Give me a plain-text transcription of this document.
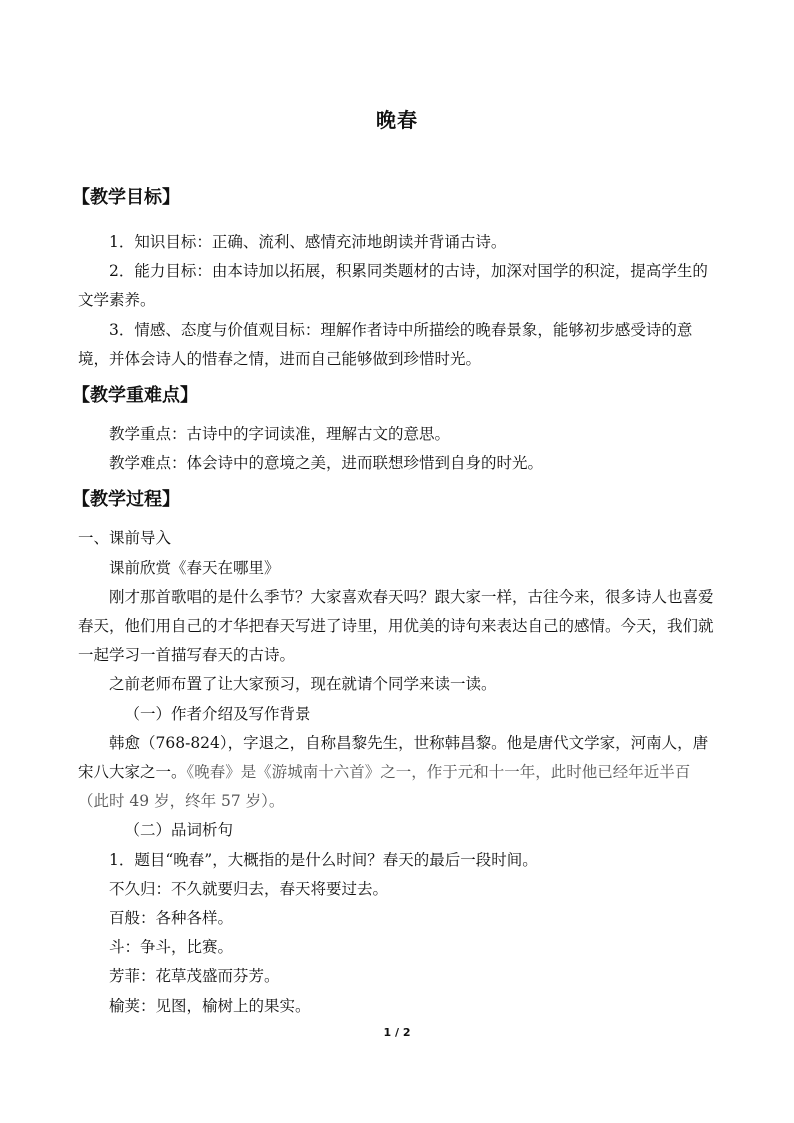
晚春

【教学目标】

1．知识目标：正确、流利、感情充沛地朗读并背诵古诗。

2．能力目标：由本诗加以拓展，积累同类题材的古诗，加深对国学的积淀，提高学生的文学素养。

3．情感、态度与价值观目标：理解作者诗中所描绘的晚春景象，能够初步感受诗的意境，并体会诗人的惜春之情，进而自己能够做到珍惜时光。

【教学重难点】

教学重点：古诗中的字词读准，理解古文的意思。

教学难点：体会诗中的意境之美，进而联想珍惜到自身的时光。

【教学过程】

一、课前导入

课前欣赏《春天在哪里》

刚才那首歌唱的是什么季节？大家喜欢春天吗？跟大家一样，古往今来，很多诗人也喜爱春天，他们用自己的才华把春天写进了诗里，用优美的诗句来表达自己的感情。今天，我们就一起学习一首描写春天的古诗。

之前老师布置了让大家预习，现在就请个同学来读一读。

（一）作者介绍及写作背景

韩愈（768-824），字退之，自称昌黎先生，世称韩昌黎。他是唐代文学家，河南人，唐宋八大家之一。《晚春》是《游城南十六首》之一，作于元和十一年，此时他已经年近半百（此时 49 岁，终年 57 岁）。

（二）品词析句

1．题目“晚春”，大概指的是什么时间？春天的最后一段时间。

不久归：不久就要归去，春天将要过去。

百般：各种各样。

斗：争斗，比赛。

芳菲：花草茂盛而芬芳。

榆荚：见图，榆树上的果实。

1 / 2
